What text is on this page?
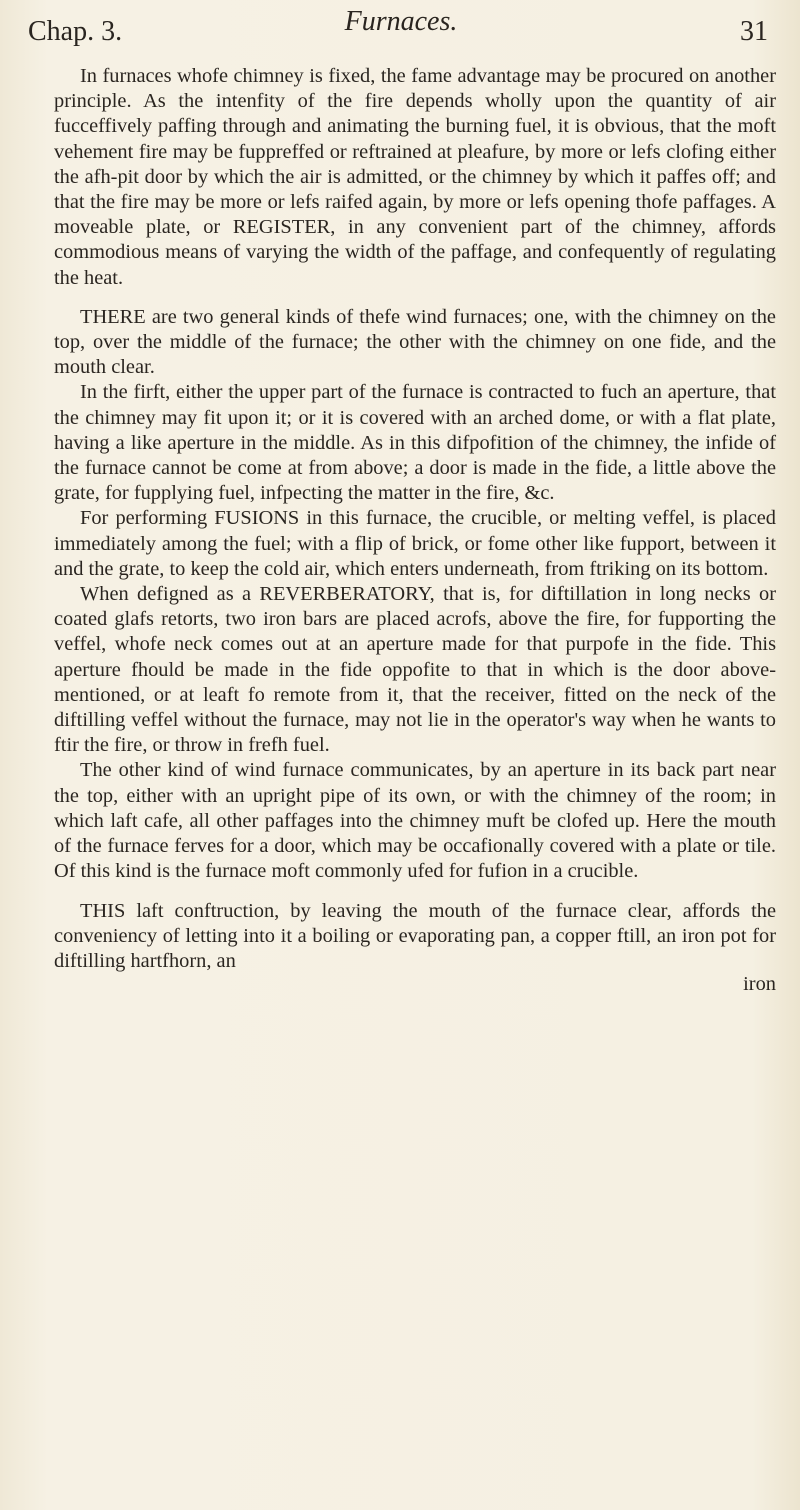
Chap. 3.	Furnaces.	31

In furnaces whofe chimney is fixed, the fame advantage may be procured on another principle. As the intenfity of the fire depends wholly upon the quantity of air fucceffively paffing through and animating the burning fuel, it is obvious, that the moft vehement fire may be fuppreffed or reftrained at pleafure, by more or lefs clofing either the afh-pit door by which the air is admitted, or the chimney by which it paffes off; and that the fire may be more or lefs raifed again, by more or lefs opening thofe paffages. A moveable plate, or REGISTER, in any convenient part of the chimney, affords commodious means of varying the width of the paffage, and confequently of regulating the heat.

THERE are two general kinds of thefe wind furnaces; one, with the chimney on the top, over the middle of the furnace; the other with the chimney on one fide, and the mouth clear.

In the firft, either the upper part of the furnace is contracted to fuch an aperture, that the chimney may fit upon it; or it is covered with an arched dome, or with a flat plate, having a like aperture in the middle. As in this difpofition of the chimney, the infide of the furnace cannot be come at from above; a door is made in the fide, a little above the grate, for fupplying fuel, infpecting the matter in the fire, &c.

For performing FUSIONS in this furnace, the crucible, or melting veffel, is placed immediately among the fuel; with a flip of brick, or fome other like fupport, between it and the grate, to keep the cold air, which enters underneath, from ftriking on its bottom.

When defigned as a REVERBERATORY, that is, for diftillation in long necks or coated glafs retorts, two iron bars are placed acrofs, above the fire, for fupporting the veffel, whofe neck comes out at an aperture made for that purpofe in the fide. This aperture fhould be made in the fide oppofite to that in which is the door above-mentioned, or at leaft fo remote from it, that the receiver, fitted on the neck of the diftilling veffel without the furnace, may not lie in the operator's way when he wants to ftir the fire, or throw in frefh fuel.

The other kind of wind furnace communicates, by an aperture in its back part near the top, either with an upright pipe of its own, or with the chimney of the room; in which laft cafe, all other paffages into the chimney muft be clofed up. Here the mouth of the furnace ferves for a door, which may be occafionally covered with a plate or tile. Of this kind is the furnace moft commonly ufed for fufion in a crucible.

THIS laft conftruction, by leaving the mouth of the furnace clear, affords the conveniency of letting into it a boiling or evaporating pan, a copper ftill, an iron pot for diftilling hartfhorn, an

iron
